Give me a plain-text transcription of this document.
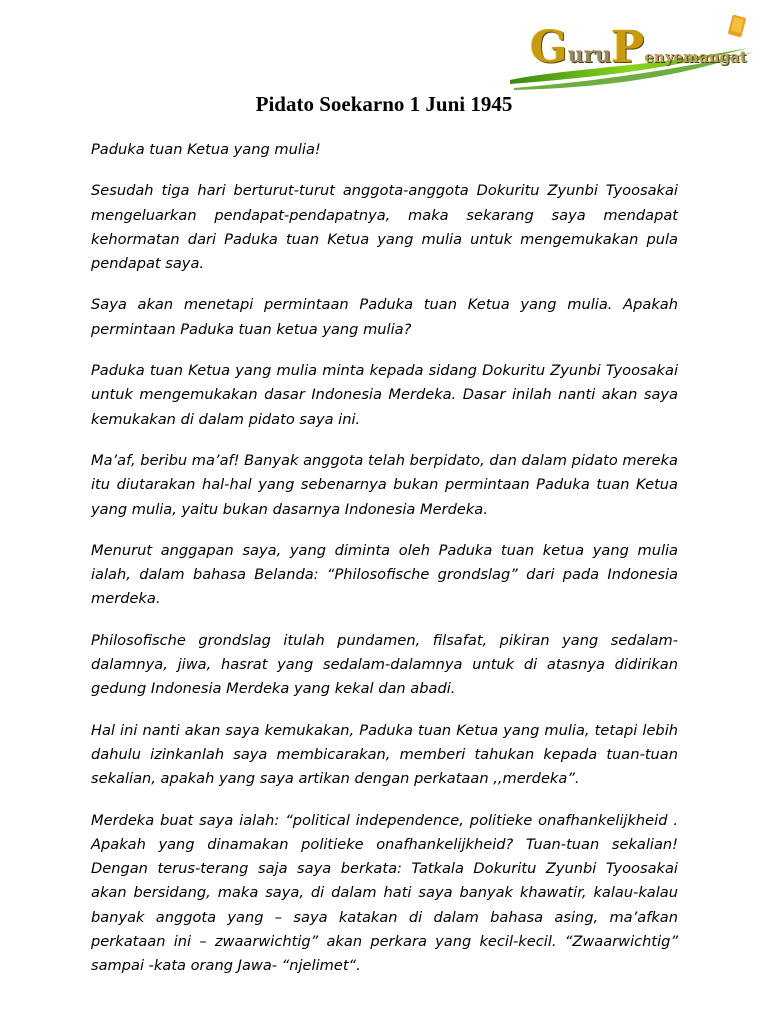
GuruPenyemangat
Pidato Soekarno 1 Juni 1945

Paduka tuan Ketua yang mulia!

Sesudah tiga hari berturut-turut anggota-anggota Dokuritu Zyunbi Tyoosakai mengeluarkan pendapat-pendapatnya, maka sekarang saya mendapat kehormatan dari Paduka tuan Ketua yang mulia untuk mengemukakan pula pendapat saya.

Saya akan menetapi permintaan Paduka tuan Ketua yang mulia. Apakah permintaan Paduka tuan ketua yang mulia?

Paduka tuan Ketua yang mulia minta kepada sidang Dokuritu Zyunbi Tyoosakai untuk mengemukakan dasar Indonesia Merdeka. Dasar inilah nanti akan saya kemukakan di dalam pidato saya ini.

Ma’af, beribu ma’af! Banyak anggota telah berpidato, dan dalam pidato mereka itu diutarakan hal-hal yang sebenarnya bukan permintaan Paduka tuan Ketua yang mulia, yaitu bukan dasarnya Indonesia Merdeka.

Menurut anggapan saya, yang diminta oleh Paduka tuan ketua yang mulia ialah, dalam bahasa Belanda: “Philosofische grondslag” dari pada Indonesia merdeka.

Philosofische grondslag itulah pundamen, filsafat, pikiran yang sedalam-dalamnya, jiwa, hasrat yang sedalam-dalamnya untuk di atasnya didirikan gedung Indonesia Merdeka yang kekal dan abadi.

Hal ini nanti akan saya kemukakan, Paduka tuan Ketua yang mulia, tetapi lebih dahulu izinkanlah saya membicarakan, memberi tahukan kepada tuan-tuan sekalian, apakah yang saya artikan dengan perkataan ,,merdeka”.

Merdeka buat saya ialah: “political independence, politieke onafhankelijkheid . Apakah yang dinamakan politieke onafhankelijkheid? Tuan-tuan sekalian! Dengan terus-terang saja saya berkata: Tatkala Dokuritu Zyunbi Tyoosakai akan bersidang, maka saya, di dalam hati saya banyak khawatir, kalau-kalau banyak anggota yang – saya katakan di dalam bahasa asing, ma’afkan perkataan ini – zwaarwichtig” akan perkara yang kecil-kecil. “Zwaarwichtig” sampai -kata orang Jawa- “njelimet“.
